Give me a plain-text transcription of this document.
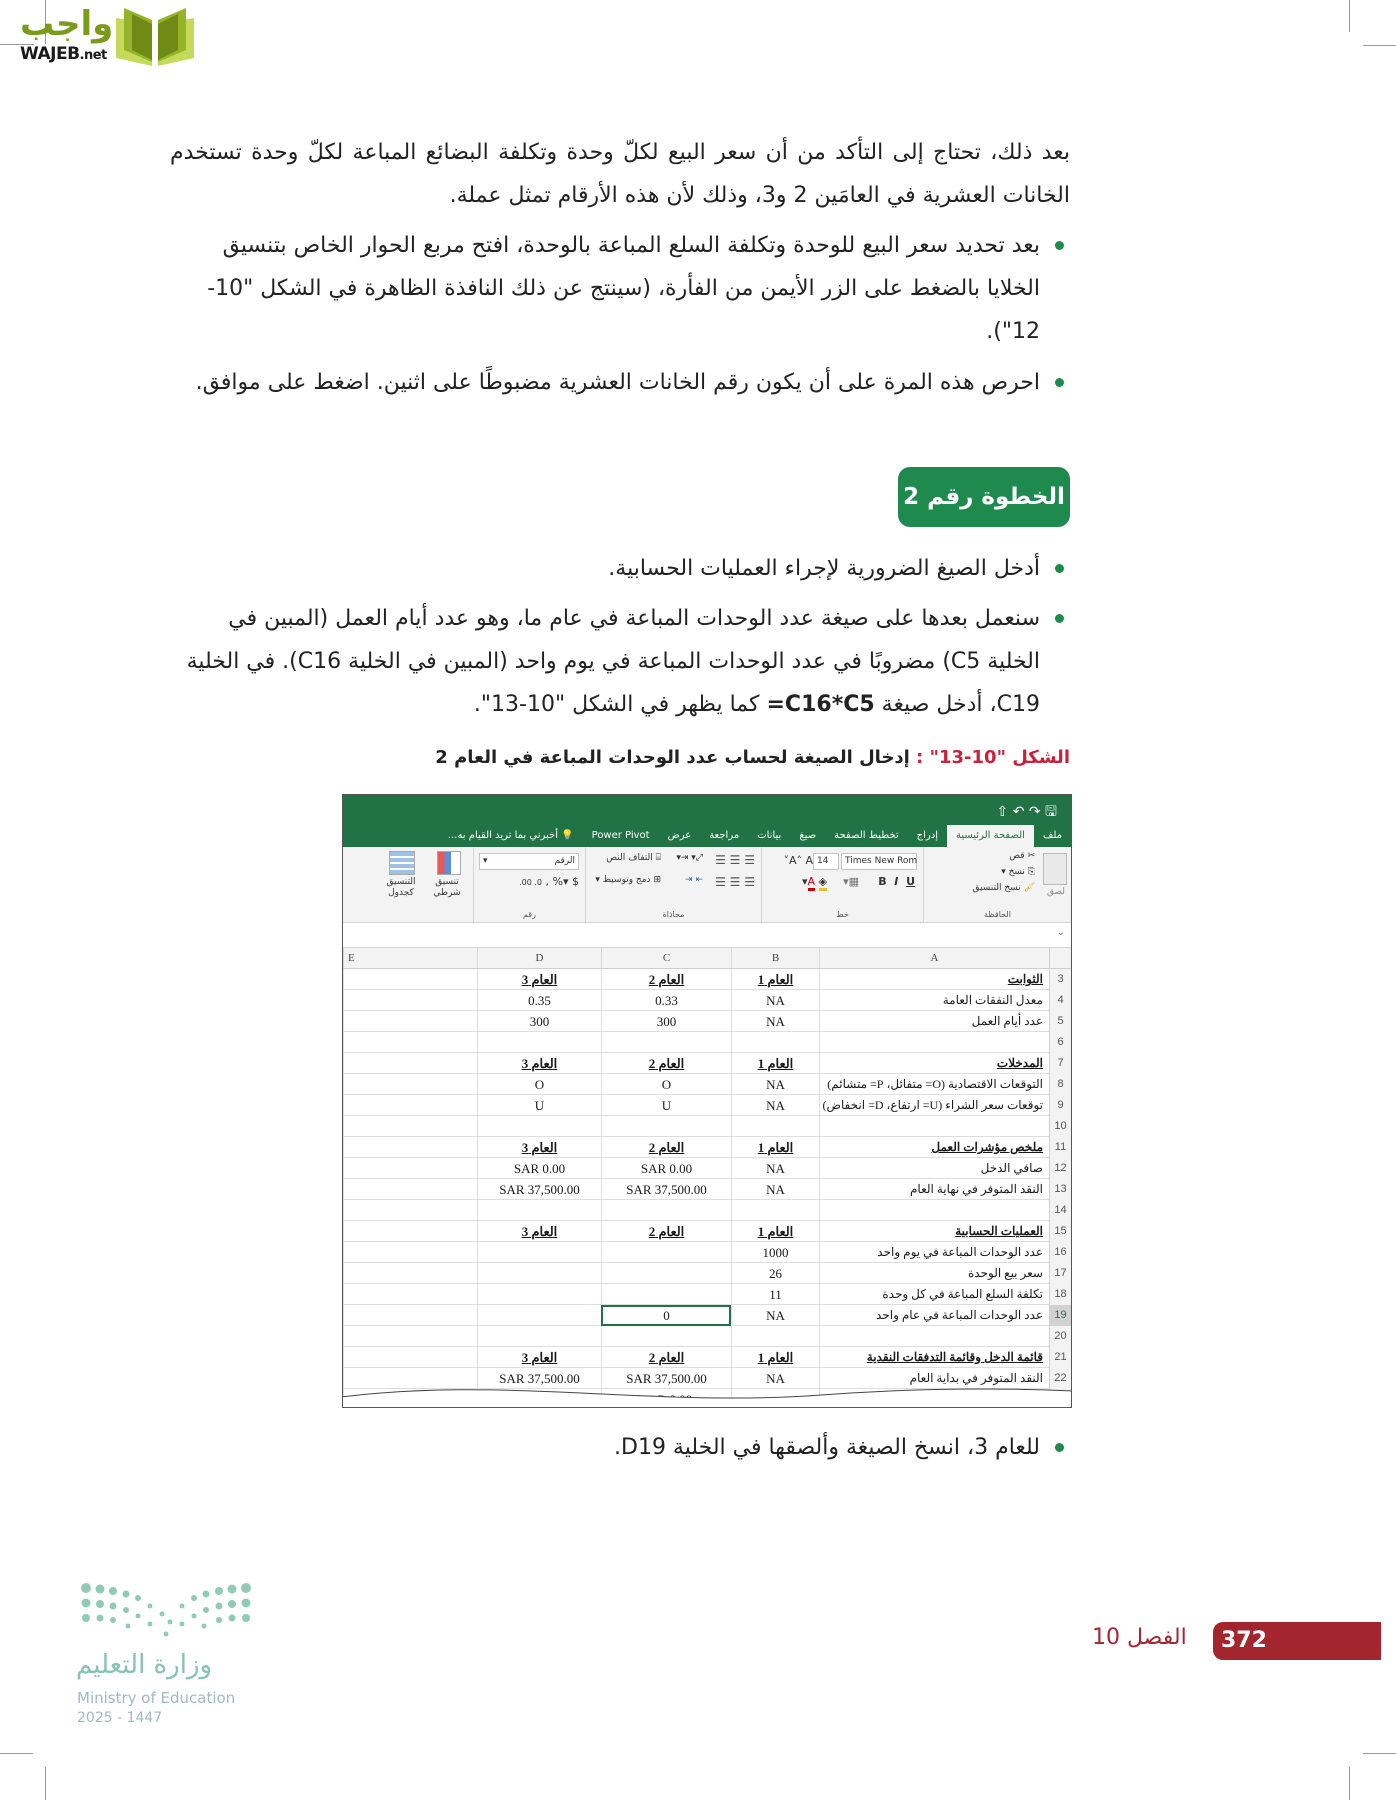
واجب
WAJEB.net
بعد ذلك، تحتاج إلى التأكد من أن سعر البيع لكلّ وحدة وتكلفة البضائع المباعة لكلّ وحدة تستخدم الخانات العشرية في العامَين 2 و3، وذلك لأن هذه الأرقام تمثل عملة.
بعد تحديد سعر البيع للوحدة وتكلفة السلع المباعة بالوحدة، افتح مربع الحوار الخاص بتنسيق الخلايا بالضغط على الزر الأيمن من الفأرة، (سينتج عن ذلك النافذة الظاهرة في الشكل "10-12").
احرص هذه المرة على أن يكون رقم الخانات العشرية مضبوطًا على اثنين. اضغط على موافق.
الخطوة رقم 2
أدخل الصيغ الضرورية لإجراء العمليات الحسابية.
سنعمل بعدها على صيغة عدد الوحدات المباعة في عام ما، وهو عدد أيام العمل (المبين في الخلية C5) مضروبًا في عدد الوحدات المباعة في يوم واحد (المبين في الخلية C16). في الخلية C19، أدخل صيغة =C16*C5 كما يظهر في الشكل "10-13".
الشكل "10-13" : إدخال الصيغة لحساب عدد الوحدات المباعة في العام 2
⇧ ↶ ↷ 🖫
ملف
الصفحة الرئيسية
إدراج
تخطيط الصفحة
صيغ
بيانات
مراجعة
عرض
Power Pivot
💡 أخبرني بما تريد القيام به...
لصق
✂ قص
⎘ نسخ ▾
🖌 نسخ التنسيق
الحافظة
Times New Rom
14
A˄ A˅
B I U
▦▾
◈ A▾
خط
☰ ☰ ☰
☰ ☰ ☰
⤢▾ ⇥▾
⇤ ⇥
⌸ التفاف النص
⊞ دمج وتوسيط ▾
محاذاة
الرقم
▾
.00 .0 , %▾ $
رقم
تنسيق شرطي
التنسيق كجدول
⌄
A
B
C
D
E
3
الثوابت
العام 1
العام 2
العام 3
4
معدل النفقات العامة
NA
0.33
0.35
5
عدد أيام العمل
NA
300
300
6
7
المدخلات
العام 1
العام 2
العام 3
8
التوقعات الاقتصادية (O= متفائل، P= متشائم)
NA
O
O
9
توقعات سعر الشراء (U= ارتفاع، D= انخفاض)
NA
U
U
10
11
ملخص مؤشرات العمل
العام 1
العام 2
العام 3
12
صافي الدخل
NA
SAR 0.00
SAR 0.00
13
النقد المتوفر في نهاية العام
NA
SAR 37,500.00
SAR 37,500.00
14
15
العمليات الحسابية
العام 1
العام 2
العام 3
16
عدد الوحدات المباعة في يوم واحد
1000
17
سعر بيع الوحدة
26
18
تكلفة السلع المباعة في كل وحدة
11
19
عدد الوحدات المباعة في عام واحد
NA
0
20
21
قائمة الدخل وقائمة التدفقات النقدية
العام 1
العام 2
العام 3
22
النقد المتوفر في بداية العام
NA
SAR 37,500.00
SAR 37,500.00
للعام 3، انسخ الصيغة وألصقها في الخلية D19.
وزارة التعليم
Ministry of Education
2025 - 1447
الفصل 10	372
